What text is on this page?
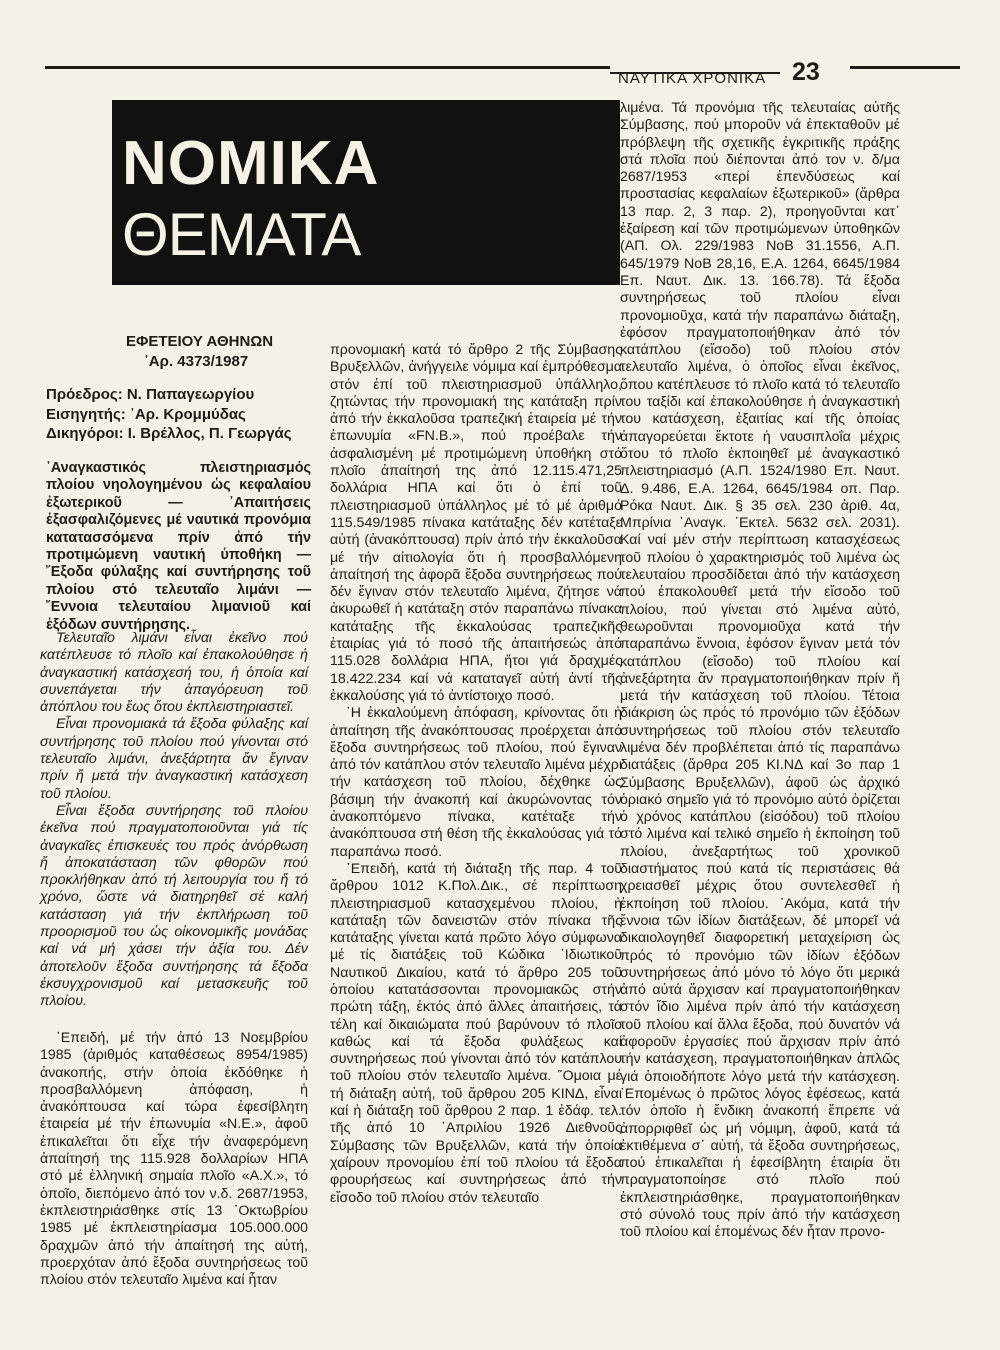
ΝΑΥΤΙΚΑ ΧΡΟΝΙΚΑ 23
ΝΟΜΙΚΑ
ΘΕΜΑΤΑ
ΕΦΕΤΕΙΟΥ ΑΘΗΝΩΝ
᾿Αρ. 4373/1987
Πρόεδρος: Ν. Παπαγεωργίου
Εισηγητής: ᾿Αρ. Κρομμύδας
Δικηγόροι: Ι. Βρέλλος, Π. Γεωργάς
᾿Αναγκαστικός πλειστηριασμός πλοίου νηολογημένου ὡς κεφαλαίου ἐξωτερικοῦ — ᾿Απαιτήσεις ἐξασφαλιζόμενες μέ ναυτικά προνόμια κατατασσόμενα πρίν ἀπό τήν προτιμώμενη ναυτική ὑποθήκη — ῎Εξοδα φύλαξης καί συντήρησης τοῦ πλοίου στό τελευταῖο λιμάνι — ῎Εννοια τελευταίου λιμανιοῦ καί ἐξόδων συντήρησης.

Τελευταῖο λιμάνι εἶναι ἐκεῖνο πού κατέπλευσε τό πλοῖο καί ἐπακολούθησε ἡ ἀναγκαστική κατάσχεσή του, ἡ ὁποία καί συνεπάγεται τήν ἀπαγόρευση τοῦ ἀπόπλου του ἕως ὅτου ἐκπλειστηριαστεῖ.

Εἶναι προνομιακά τά ἔξοδα φύλαξης καί συντήρησης τοῦ πλοίου πού γίνονται στό τελευταῖο λιμάνι, ἀνεξάρτητα ἄν ἔγιναν πρίν ἤ μετά τήν ἀναγκαστική κατάσχεση τοῦ πλοίου.

Εἶναι ἔξοδα συντήρησης τοῦ πλοίου ἐκεῖνα πού πραγματοποιοῦνται γιά τίς ἀναγκαῖες ἐπισκευές του πρός ἀνόρθωση ἤ ἀποκατάσταση τῶν φθορῶν πού προκλήθηκαν ἀπό τή λειτουργία του ἤ τό χρόνο, ὥστε νά διατηρηθεῖ σέ καλή κατάσταση γιά τήν ἐκπλήρωση τοῦ προορισμοῦ του ὡς οἰκονομικῆς μονάδας καί νά μή χάσει τήν ἀξία του. Δέν ἀποτελοῦν ἔξοδα συντήρησης τά ἔξοδα ἐκσυγχρονισμοῦ καί μετασκευῆς τοῦ πλοίου.

᾿Επειδή, μέ τήν ἀπό 13 Νοεμβρίου 1985 (ἀριθμός καταθέσεως 8954/1985) ἀνακοπής, στήν ὁποία ἐκδόθηκε ἡ προσβαλλόμενη ἀπόφαση, ἡ ἀνακόπτουσα καί τώρα ἐφεσίβλητη ἑταιρεία μέ τήν ἐπωνυμία «Ν.Ε.», ἀφοῦ ἐπικαλεῖται ὅτι εἶχε τήν ἀναφερόμενη ἀπαίτησή της 115.928 δολλαρίων ΗΠΑ στό μέ ἑλληνική σημαία πλοῖο «Α.Χ.», τό ὁποῖο, διεπόμενο ἀπό τον ν.δ. 2687/1953, ἐκπλειστηριάσθηκε στίς 13 ᾿Οκτωβρίου 1985 μέ ἐκπλειστηρίασμα 105.000.000 δραχμῶν ἀπό τήν ἀπαίτησή της αὐτή, προερχόταν ἀπό ἔξοδα συντηρήσεως τοῦ πλοίου στόν τελευταῖο λιμένα καί ἦταν

προνομιακή κατά τό ἄρθρο 2 τῆς Σύμβασης Βρυξελλῶν, ἀνήγγειλε νόμιμα καί ἐμπρόθεσμα στόν ἐπί τοῦ πλειστηριασμοῦ ὑπάλληλο, ζητώντας τήν προνομιακή της κατάταξη πρίν ἀπό τήν ἐκκαλοῦσα τραπεζική ἑταιρεία μέ τήν ἐπωνυμία «FN.B.», πού προέβαλε τήν ἀσφαλισμένη μέ προτιμώμενη ὑποθήκη στό πλοῖο ἀπαίτησή της ἀπό 12.115.471,25 δολλάρια ΗΠΑ καί ὅτι ὁ ἐπί τοῦ πλειστηριασμοῦ ὑπάλληλος μέ τό μέ ἀριθμό 115.549/1985 πίνακα κατάταξης δέν κατέταξε αὐτή (ἀνακόπτουσα) πρίν ἀπό τήν ἐκκαλοῦσα μέ τήν αἰτιολογία ὅτι ἡ προσβαλλόμενη ἀπαίτησή της ἀφορᾶ ἔξοδα συντηρήσεως πού δέν ἔγιναν στόν τελευταῖο λιμένα, ζήτησε νά ἀκυρωθεῖ ἡ κατάταξη στόν παραπάνω πίνακα κατάταξης τῆς ἐκκαλούσας τραπεζικῆς ἑταιρίας γιά τό ποσό τῆς ἀπαιτήσεώς ἀπό 115.028 δολλάρια ΗΠΑ, ἤτοι γιά δραχμές 18.422.234 καί νά καταταγεῖ αὐτή ἀντί τῆς ἐκκαλούσης γιά τό ἀντίστοιχο ποσό.

῾Η ἐκκαλούμενη ἀπόφαση, κρίνοντας ὅτι ἡ ἀπαίτηση τῆς ἀνακόπτουσας προέρχεται ἀπό ἔξοδα συντηρήσεως τοῦ πλοίου, πού ἔγιναν ἀπό τόν κατάπλου στόν τελευταῖο λιμένα μέχρι τήν κατάσχεση τοῦ πλοίου, δέχθηκε ὡς βάσιμη τήν ἀνακοπή καί ἀκυρώνοντας τόν ἀνακοπτόμενο πίνακα, κατέταξε τήν ἀνακόπτουσα στή θέση τῆς ἐκκαλούσας γιά τό παραπάνω ποσό.

᾿Επειδή, κατά τή διάταξη τῆς παρ. 4 τοῦ ἄρθρου 1012 Κ.Πολ.Δικ., σέ περίπτωση πλειστηριασμοῦ κατασχεμένου πλοίου, ἡ κατάταξη τῶν δανειστῶν στόν πίνακα τῆς κατάταξης γίνεται κατά πρῶτο λόγο σύμφωνα μέ τίς διατάξεις τοῦ Κώδικα ᾿Ιδιωτικοῦ Ναυτικοῦ Δικαίου, κατά τό ἄρθρο 205 τοῦ ὁποίου κατατάσσονται προνομιακῶς στήν πρώτη τάξη, ἐκτός ἀπό ἄλλες ἀπαιτήσεις, τά τέλη καί δικαιώματα πού βαρύνουν τό πλοῖο καθώς καί τά ἔξοδα φυλάξεως καί συντηρήσεως πού γίνονται ἀπό τόν κατάπλου τοῦ πλοίου στόν τελευταῖο λιμένα. ῞Ομοια μέ τή διάταξη αὐτή, τοῦ ἄρθρου 205 ΚΙΝΔ, εἶναι καί ἡ διάταξη τοῦ ἄρθρου 2 παρ. 1 ἐδάφ. τελ. τῆς ἀπό 10 ᾿Απριλίου 1926 Διεθνοῦς Σύμβασης τῶν Βρυξελλῶν, κατά τήν ὁποία χαίρουν προνομίου ἐπί τοῦ πλοίου τά ἔξοδα φρουρήσεως καί συντηρήσεως ἀπό τήν εἴσοδο τοῦ πλοίου στόν τελευταῖο

λιμένα. Τά προνόμια τῆς τελευταίας αὐτῆς Σύμβασης, πού μποροῦν νά ἐπεκταθοῦν μέ πρόβλεψη τῆς σχετικῆς ἐγκριτικῆς πράξης στά πλοῖα πού διέπονται ἀπό τον ν. δ/μα 2687/1953 «περί ἐπενδύσεως καί προστασίας κεφαλαίων ἐξωτερικοῦ» (ἄρθρα 13 παρ. 2, 3 παρ. 2), προηγοῦνται κατ᾿ ἐξαίρεση καί τῶν προτιμώμενων ὑποθηκῶν (ΑΠ. Ολ. 229/1983 ΝοΒ 31.1556, Α.Π. 645/1979 ΝοΒ 28,16, Ε.Α. 1264, 6645/1984 Επ. Ναυτ. Δικ. 13. 166.78). Τά ἔξοδα συντηρήσεως τοῦ πλοίου εἶναι προνομιοῦχα, κατά τήν παραπάνω διάταξη, ἐφόσον πραγματοποιήθηκαν ἀπό τόν κατάπλου (εἴσοδο) τοῦ πλοίου στόν τελευταῖο λιμένα, ὁ ὁποῖος εἶναι ἐκεῖνος, ὅπου κατέπλευσε τό πλοῖο κατά τό τελευταῖο του ταξίδι καί ἐπακολούθησε ἡ ἀναγκαστική του κατάσχεση, ἐξαιτίας καί τῆς ὁποίας ἀπαγορεύεται ἔκτοτε ἡ ναυσιπλοΐα μέχρις ὅτου τό πλοῖο ἐκποιηθεῖ μέ ἀναγκαστικό πλειστηριασμό (Α.Π. 1524/1980 Επ. Ναυτ. Δ. 9.486, Ε.Α. 1264, 6645/1984 οπ. Παρ. Ρόκα Ναυτ. Δικ. § 35 σελ. 230 ἀριθ. 4α, Μπρίνια ᾿Αναγκ. ᾿Εκτελ. 5632 σελ. 2031). Καί ναί μέν στήν περίπτωση κατασχέσεως τοῦ πλοίου ὁ χαρακτηρισμός τοῦ λιμένα ὡς τελευταίου προσδίδεται ἀπό τήν κατάσχεση πού ἐπακολουθεῖ μετά τήν εἴσοδο τοῦ πλοίου, πού γίνεται στό λιμένα αὐτό, θεωροῦνται προνομιοῦχα κατά τήν παραπάνω ἔννοια, ἐφόσον ἔγιναν μετά τόν κατάπλου (εἴσοδο) τοῦ πλοίου καί ἀνεξάρτητα ἄν πραγματοποιήθηκαν πρίν ἤ μετά τήν κατάσχεση τοῦ πλοίου. Τέτοια διάκριση ὡς πρός τό προνόμιο τῶν ἐξόδων συντηρήσεως τοῦ πλοίου στόν τελευταῖο λιμένα δέν προβλέπεται ἀπό τίς παραπάνω διατάξεις (ἄρθρα 205 ΚΙ.ΝΔ καί 3ο παρ 1 Σύμβασης Βρυξελλῶν), ἀφοῦ ὡς ἀρχικό ὁριακό σημεῖο γιά τό προνόμιο αὐτό ὁρίζεται ὁ χρόνος κατάπλου (εἰσόδου) τοῦ πλοίου στό λιμένα καί τελικό σημεῖο ἡ ἐκποίηση τοῦ πλοίου, ἀνεξαρτήτως τοῦ χρονικοῦ διαστήματος πού κατά τίς περιστάσεις θά χρειασθεῖ μέχρις ὅτου συντελεσθεῖ ἡ ἐκποίηση τοῦ πλοίου. ᾿Ακόμα, κατά τήν ἔννοια τῶν ἰδίων διατάξεων, δέ μπορεῖ νά δικαιολογηθεῖ διαφορετική μεταχείριση ὡς πρός τό προνόμιο τῶν ἰδίων ἐξόδων συντηρήσεως ἀπό μόνο τό λόγο ὅτι μερικά ἀπό αὐτά ἄρχισαν καί πραγματοποιήθηκαν στόν ἴδιο λιμένα πρίν ἀπό τήν κατάσχεση τοῦ πλοίου καί ἄλλα ἔξοδα, πού δυνατόν νά ἀφοροῦν ἐργασίες πού ἄρχισαν πρίν ἀπό τήν κατάσχεση, πραγματοποιήθηκαν ἁπλῶς γιά ὁποιοδήποτε λόγο μετά τήν κατάσχεση. ῾Επομένως ὁ πρῶτος λόγος ἐφέσεως, κατά τόν ὁποῖο ἡ ἔνδικη ἀνακοπή ἔπρεπε νά ἀπορριφθεῖ ὡς μή νόμιμη, ἀφοῦ, κατά τά ἐκτιθέμενα σ᾿ αὐτή, τά ἔξοδα συντηρήσεως, πού ἐπικαλεῖται ἡ ἐφεσίβλητη ἑταιρία ὅτι πραγματοποίησε στό πλοῖο πού ἐκπλειστηριάσθηκε, πραγματοποιήθηκαν στό σύνολό τους πρίν ἀπό τήν κατάσχεση τοῦ πλοίου καί ἑπομένως δέν ἦταν προνο-
